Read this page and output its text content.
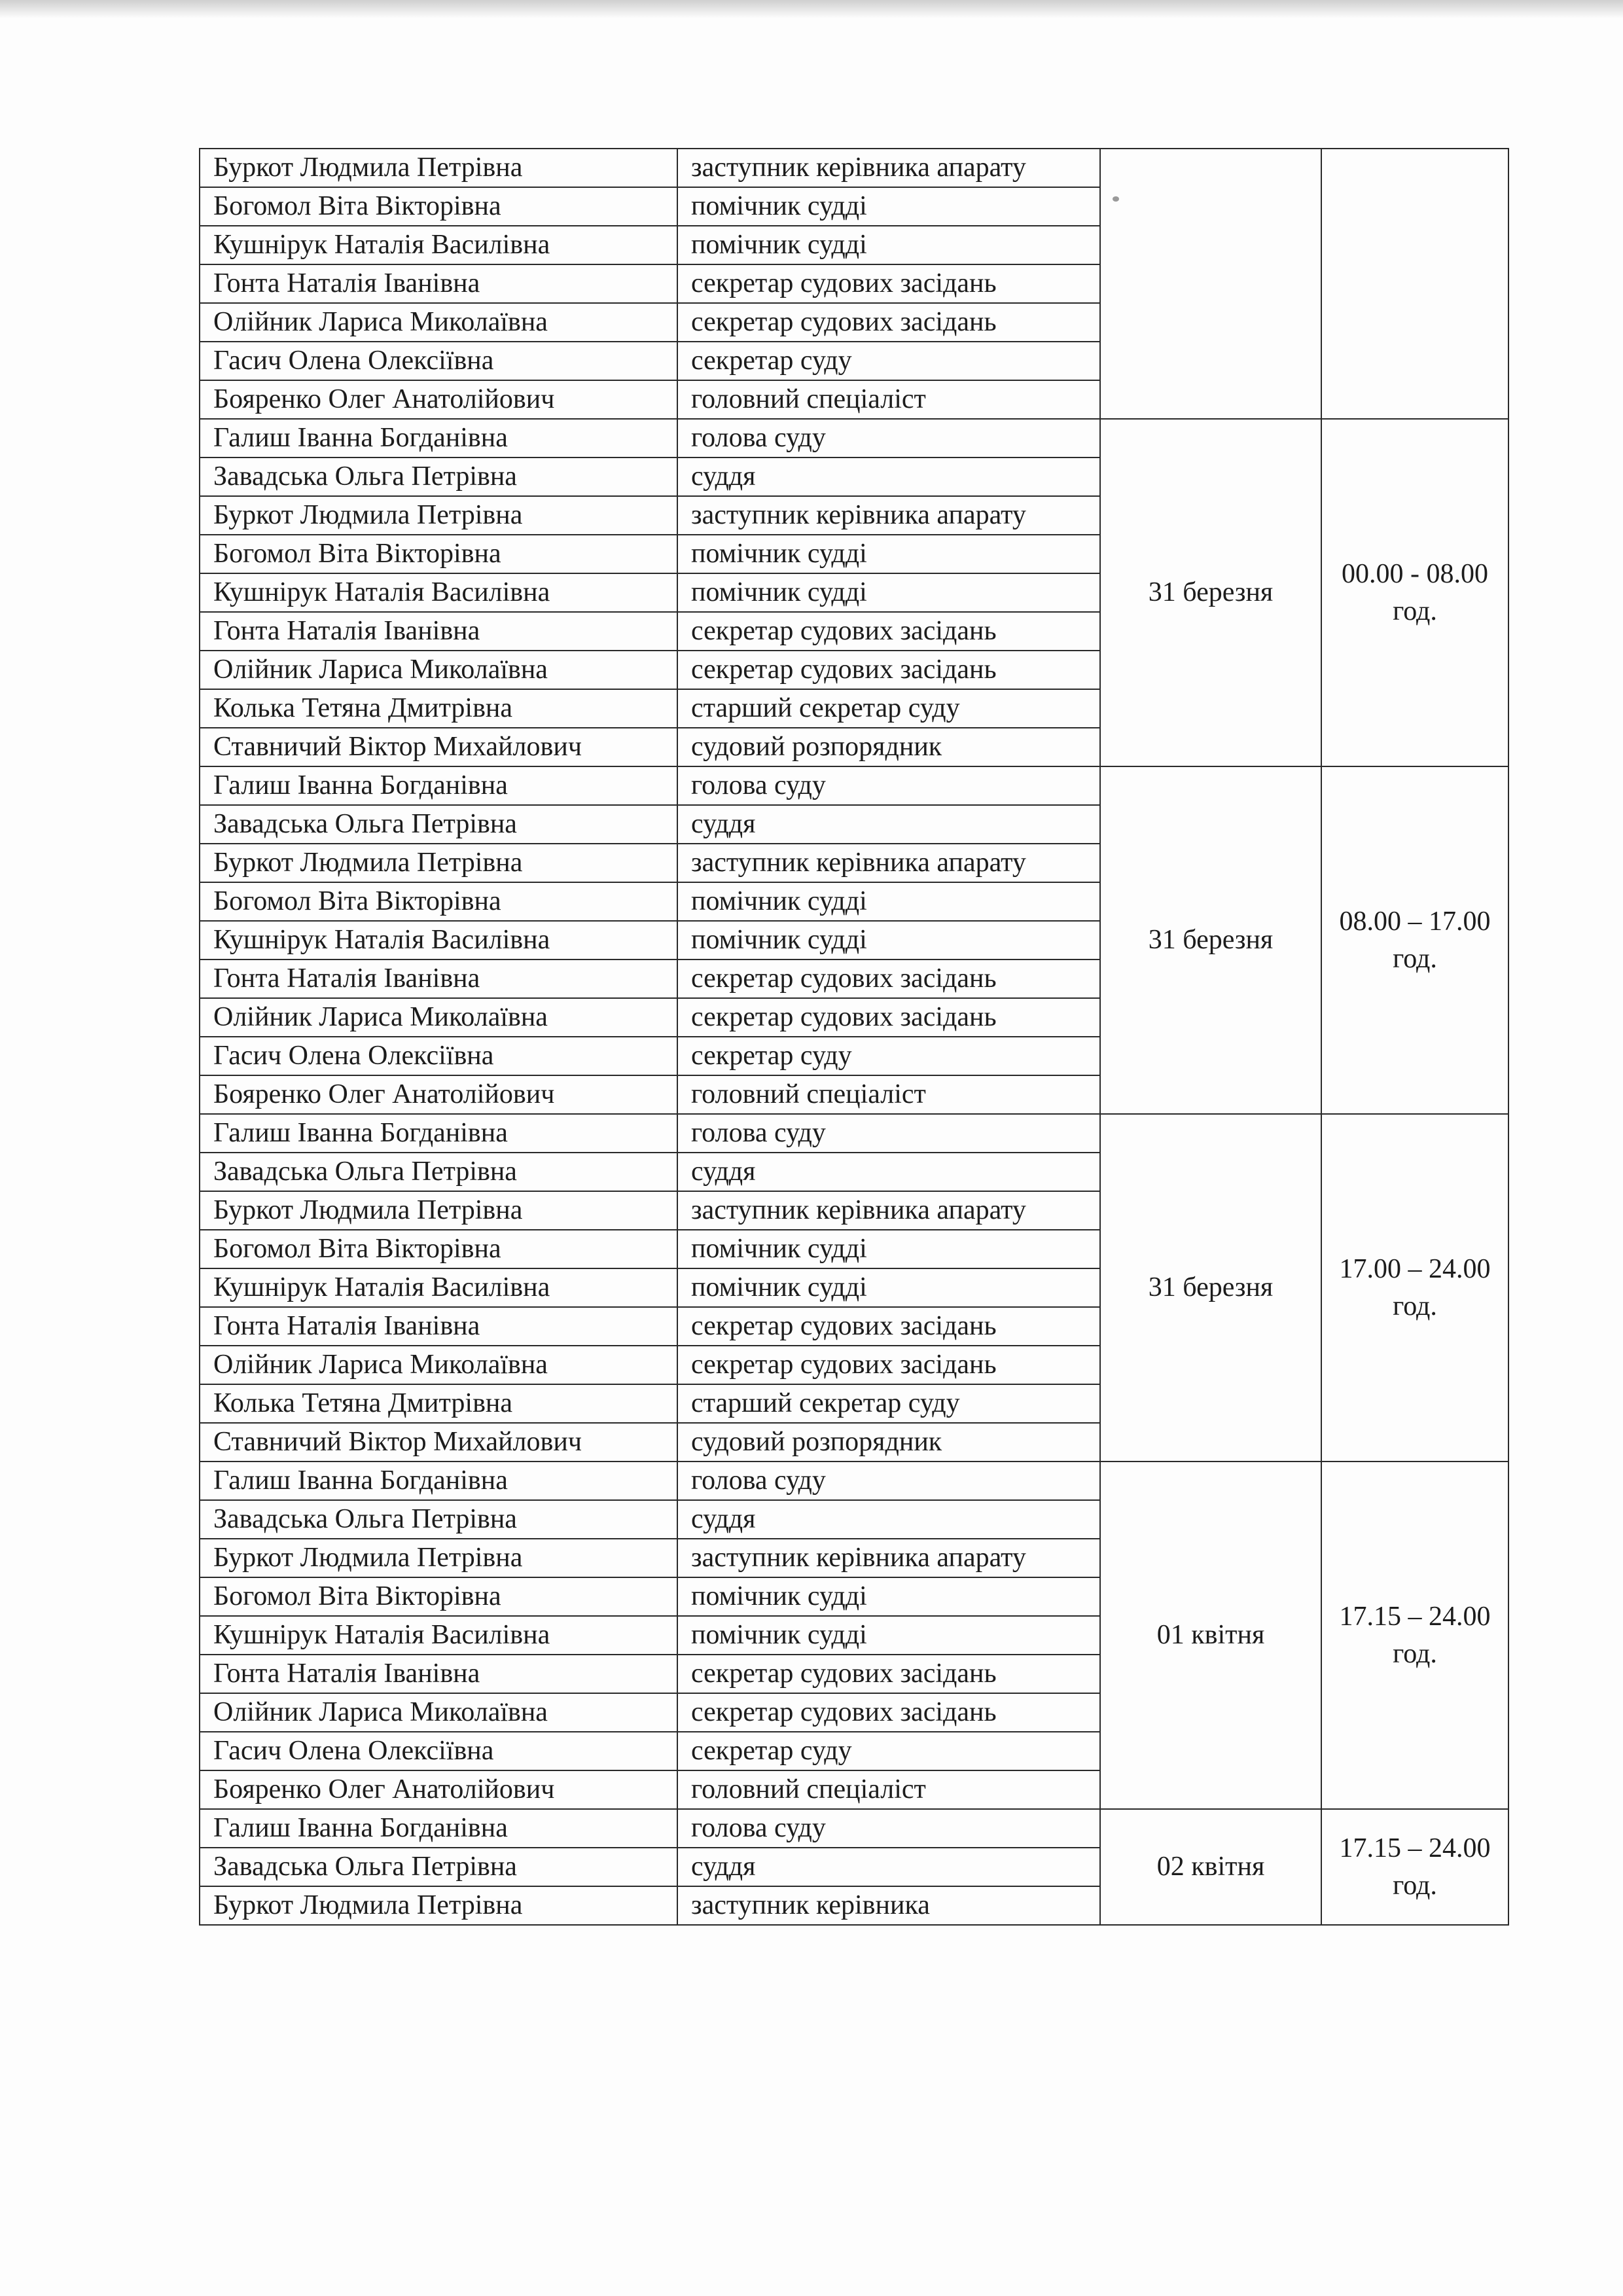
Буркот Людмила Петрівна	заступник керівника апарату		
Богомол Віта Вікторівна	помічник судді		
Кушнірук Наталія Василівна	помічник судді		
Гонта Наталія Іванівна	секретар судових засідань		
Олійник Лариса Миколаївна	секретар судових засідань		
Гасич Олена Олексіївна	секретар суду		
Бояренко Олег Анатолійович	головний спеціаліст		
Галиш Іванна Богданівна	голова суду	31 березня	00.00 - 08.00 год.
Завадська Ольга Петрівна	суддя		
Буркот Людмила Петрівна	заступник керівника апарату		
Богомол Віта Вікторівна	помічник судді		
Кушнірук Наталія Василівна	помічник судді		
Гонта Наталія Іванівна	секретар судових засідань		
Олійник Лариса Миколаївна	секретар судових засідань		
Колька Тетяна Дмитрівна	старший секретар суду		
Ставничий Віктор Михайлович	судовий розпорядник		
Галиш Іванна Богданівна	голова суду	31 березня	08.00 – 17.00 год.
Завадська Ольга Петрівна	суддя		
Буркот Людмила Петрівна	заступник керівника апарату		
Богомол Віта Вікторівна	помічник судді		
Кушнірук Наталія Василівна	помічник судді		
Гонта Наталія Іванівна	секретар судових засідань		
Олійник Лариса Миколаївна	секретар судових засідань		
Гасич Олена Олексіївна	секретар суду		
Бояренко Олег Анатолійович	головний спеціаліст		
Галиш Іванна Богданівна	голова суду	31 березня	17.00 – 24.00 год.
Завадська Ольга Петрівна	суддя		
Буркот Людмила Петрівна	заступник керівника апарату		
Богомол Віта Вікторівна	помічник судді		
Кушнірук Наталія Василівна	помічник судді		
Гонта Наталія Іванівна	секретар судових засідань		
Олійник Лариса Миколаївна	секретар судових засідань		
Колька Тетяна Дмитрівна	старший секретар суду		
Ставничий Віктор Михайлович	судовий розпорядник		
Галиш Іванна Богданівна	голова суду	01 квітня	17.15 – 24.00 год.
Завадська Ольга Петрівна	суддя		
Буркот Людмила Петрівна	заступник керівника апарату		
Богомол Віта Вікторівна	помічник судді		
Кушнірук Наталія Василівна	помічник судді		
Гонта Наталія Іванівна	секретар судових засідань		
Олійник Лариса Миколаївна	секретар судових засідань		
Гасич Олена Олексіївна	секретар суду		
Бояренко Олег Анатолійович	головний спеціаліст		
Галиш Іванна Богданівна	голова суду	02 квітня	17.15 – 24.00 год.
Завадська Ольга Петрівна	суддя		
Буркот Людмила Петрівна	заступник керівника		
